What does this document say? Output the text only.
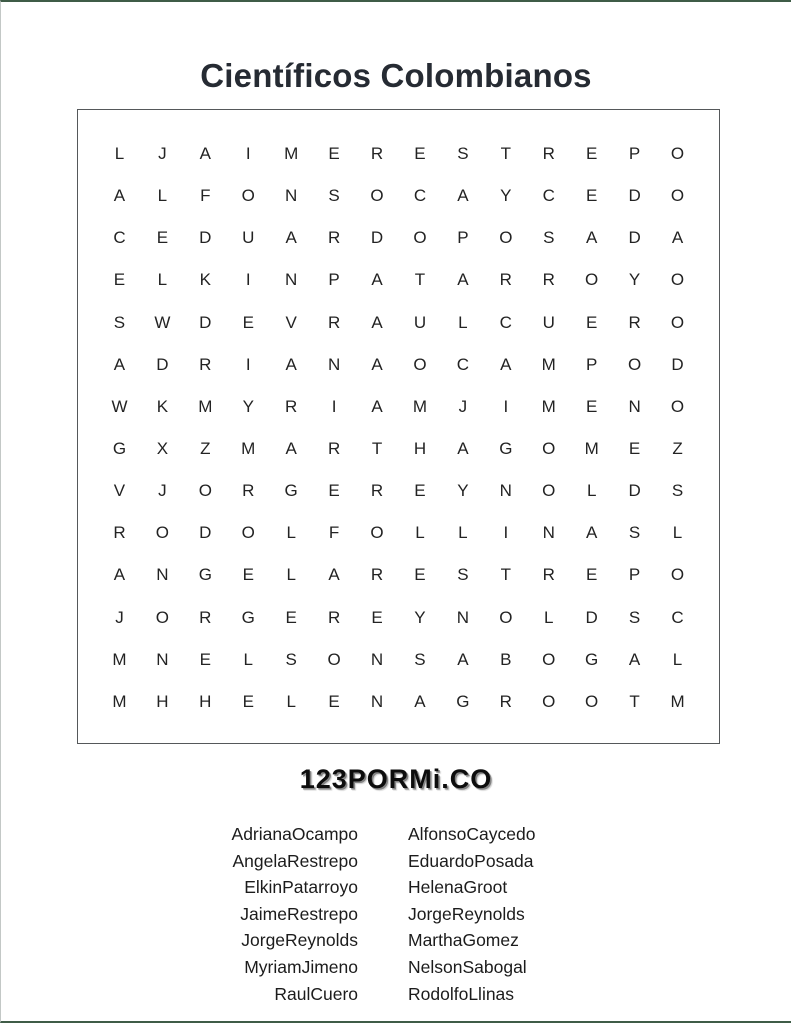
Científicos Colombianos
L	J	A	I	M	E	R	E	S	T	R	E	P	O
A	L	F	O	N	S	O	C	A	Y	C	E	D	O
C	E	D	U	A	R	D	O	P	O	S	A	D	A
E	L	K	I	N	P	A	T	A	R	R	O	Y	O
S	W	D	E	V	R	A	U	L	C	U	E	R	O
A	D	R	I	A	N	A	O	C	A	M	P	O	D
W	K	M	Y	R	I	A	M	J	I	M	E	N	O
G	X	Z	M	A	R	T	H	A	G	O	M	E	Z
V	J	O	R	G	E	R	E	Y	N	O	L	D	S
R	O	D	O	L	F	O	L	L	I	N	A	S	L
A	N	G	E	L	A	R	E	S	T	R	E	P	O
J	O	R	G	E	R	E	Y	N	O	L	D	S	C
M	N	E	L	S	O	N	S	A	B	O	G	A	L
M	H	H	E	L	E	N	A	G	R	O	O	T	M
123PORMi.CO
AdrianaOcampo
AngelaRestrepo
ElkinPatarroyo
JaimeRestrepo
JorgeReynolds
MyriamJimeno
RaulCuero
AlfonsoCaycedo
EduardoPosada
HelenaGroot
JorgeReynolds
MarthaGomez
NelsonSabogal
RodolfoLlinas
